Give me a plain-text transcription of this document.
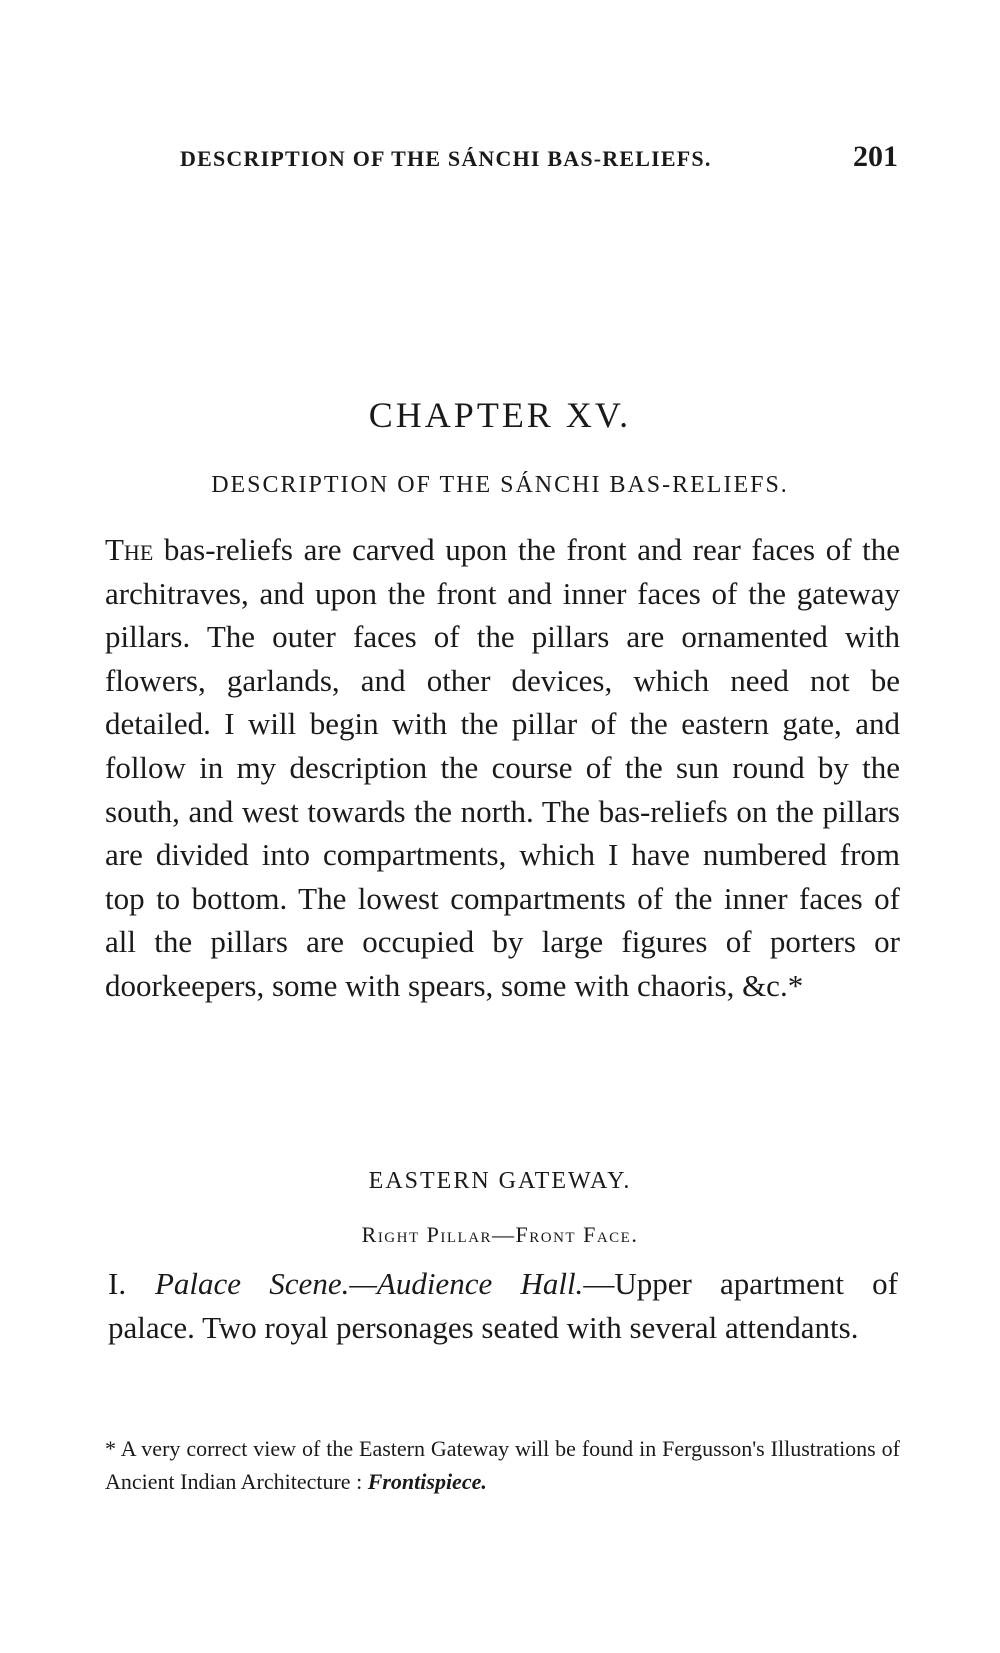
DESCRIPTION OF THE SÁNCHI BAS-RELIEFS.	201
CHAPTER XV.
DESCRIPTION OF THE SÁNCHI BAS-RELIEFS.

The bas-reliefs are carved upon the front and rear faces of the architraves, and upon the front and inner faces of the gateway pillars. The outer faces of the pillars are ornamented with flowers, garlands, and other devices, which need not be detailed. I will begin with the pillar of the eastern gate, and follow in my description the course of the sun round by the south, and west towards the north. The bas-reliefs on the pillars are divided into compartments, which I have numbered from top to bottom. The lowest compartments of the inner faces of all the pillars are occupied by large figures of porters or doorkeepers, some with spears, some with chaoris, &c.*

EASTERN GATEWAY.
Right Pillar—Front Face.

I. Palace Scene.—Audience Hall.—Upper apartment of palace. Two royal personages seated with several attendants.

* A very correct view of the Eastern Gateway will be found in Fergusson's Illustrations of Ancient Indian Architecture : Frontispiece.
